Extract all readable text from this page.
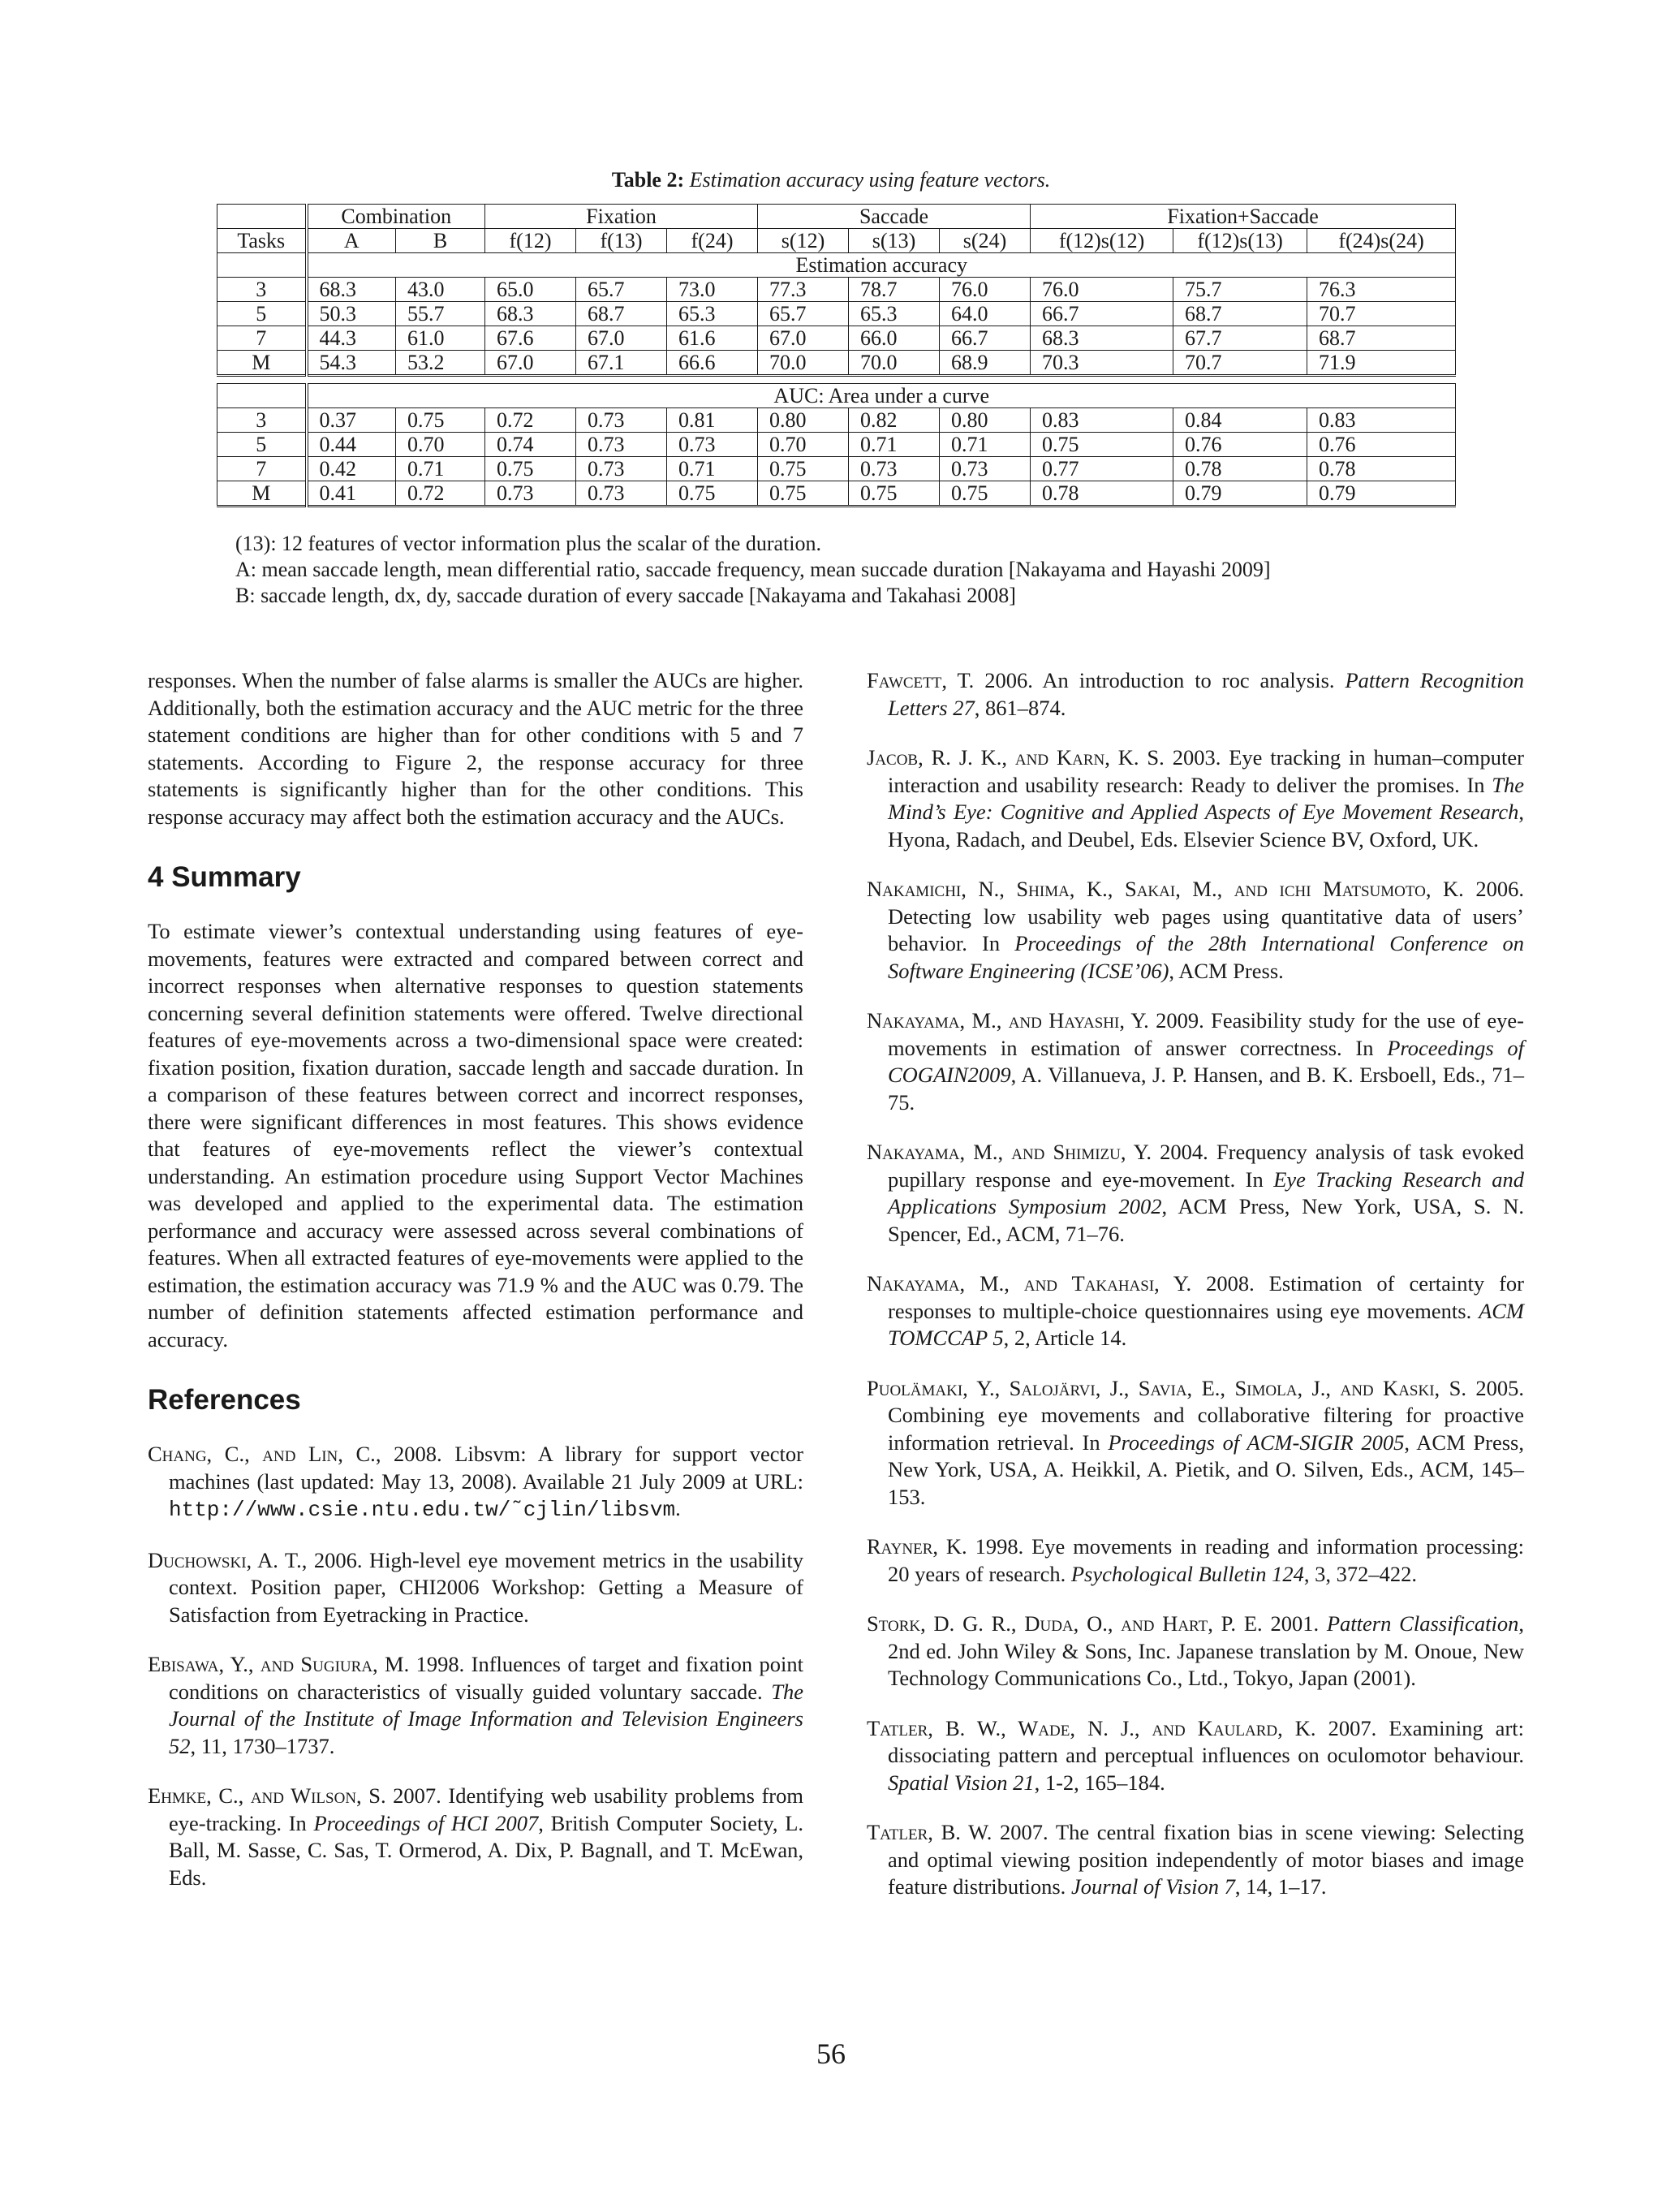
Table 2: Estimation accuracy using feature vectors.
	Combination		Fixation			Saccade			Fixation+Saccade		
Tasks	A	B	f(12)	f(13)	f(24)	s(12)	s(13)	s(24)	f(12)s(12)	f(12)s(13)	f(24)s(24)
	Estimation accuracy										
3	68.3	43.0	65.0	65.7	73.0	77.3	78.7	76.0	76.0	75.7	76.3
5	50.3	55.7	68.3	68.7	65.3	65.7	65.3	64.0	66.7	68.7	70.7
7	44.3	61.0	67.6	67.0	61.6	67.0	66.0	66.7	68.3	67.7	68.7
M	54.3	53.2	67.0	67.1	66.6	70.0	70.0	68.9	70.3	70.7	71.9

	AUC: Area under a curve										
3	0.37	0.75	0.72	0.73	0.81	0.80	0.82	0.80	0.83	0.84	0.83
5	0.44	0.70	0.74	0.73	0.73	0.70	0.71	0.71	0.75	0.76	0.76
7	0.42	0.71	0.75	0.73	0.71	0.75	0.73	0.73	0.77	0.78	0.78
M	0.41	0.72	0.73	0.73	0.75	0.75	0.75	0.75	0.78	0.79	0.79
(13): 12 features of vector information plus the scalar of the duration.
A: mean saccade length, mean differential ratio, saccade frequency, mean succade duration [Nakayama and Hayashi 2009]
B: saccade length, dx, dy, saccade duration of every saccade [Nakayama and Takahasi 2008]

responses. When the number of false alarms is smaller the AUCs are higher. Additionally, both the estimation accuracy and the AUC metric for the three statement conditions are higher than for other conditions with 5 and 7 statements. According to Figure 2, the response accuracy for three statements is significantly higher than for the other conditions. This response accuracy may affect both the estimation accuracy and the AUCs.

4 Summary

To estimate viewer’s contextual understanding using features of eye-movements, features were extracted and compared between correct and incorrect responses when alternative responses to question statements concerning several definition statements were offered. Twelve directional features of eye-movements across a two-dimensional space were created: fixation position, fixation duration, saccade length and saccade duration. In a comparison of these features between correct and incorrect responses, there were significant differences in most features. This shows evidence that features of eye-movements reflect the viewer’s contextual understanding. An estimation procedure using Support Vector Machines was developed and applied to the experimental data. The estimation performance and accuracy were assessed across several combinations of features. When all extracted features of eye-movements were applied to the estimation, the estimation accuracy was 71.9 % and the AUC was 0.79. The number of definition statements affected estimation performance and accuracy.

References

Chang, C., and Lin, C., 2008. Libsvm: A library for support vector machines (last updated: May 13, 2008). Available 21 July 2009 at URL: http://www.csie.ntu.edu.tw/˜cjlin/libsvm.

Duchowski, A. T., 2006. High-level eye movement metrics in the usability context. Position paper, CHI2006 Workshop: Getting a Measure of Satisfaction from Eyetracking in Practice.

Ebisawa, Y., and Sugiura, M. 1998. Influences of target and fixation point conditions on characteristics of visually guided voluntary saccade. The Journal of the Institute of Image Information and Television Engineers 52, 11, 1730–1737.

Ehmke, C., and Wilson, S. 2007. Identifying web usability problems from eye-tracking. In Proceedings of HCI 2007, British Computer Society, L. Ball, M. Sasse, C. Sas, T. Ormerod, A. Dix, P. Bagnall, and T. McEwan, Eds.

Fawcett, T. 2006. An introduction to roc analysis. Pattern Recognition Letters 27, 861–874.

Jacob, R. J. K., and Karn, K. S. 2003. Eye tracking in human–computer interaction and usability research: Ready to deliver the promises. In The Mind’s Eye: Cognitive and Applied Aspects of Eye Movement Research, Hyona, Radach, and Deubel, Eds. Elsevier Science BV, Oxford, UK.

Nakamichi, N., Shima, K., Sakai, M., and ichi Matsumoto, K. 2006. Detecting low usability web pages using quantitative data of users’ behavior. In Proceedings of the 28th International Conference on Software Engineering (ICSE’06), ACM Press.

Nakayama, M., and Hayashi, Y. 2009. Feasibility study for the use of eye-movements in estimation of answer correctness. In Proceedings of COGAIN2009, A. Villanueva, J. P. Hansen, and B. K. Ersboell, Eds., 71–75.

Nakayama, M., and Shimizu, Y. 2004. Frequency analysis of task evoked pupillary response and eye-movement. In Eye Tracking Research and Applications Symposium 2002, ACM Press, New York, USA, S. N. Spencer, Ed., ACM, 71–76.

Nakayama, M., and Takahasi, Y. 2008. Estimation of certainty for responses to multiple-choice questionnaires using eye movements. ACM TOMCCAP 5, 2, Article 14.

Puolämaki, Y., Salojärvi, J., Savia, E., Simola, J., and Kaski, S. 2005. Combining eye movements and collaborative filtering for proactive information retrieval. In Proceedings of ACM-SIGIR 2005, ACM Press, New York, USA, A. Heikkil, A. Pietik, and O. Silven, Eds., ACM, 145–153.

Rayner, K. 1998. Eye movements in reading and information processing: 20 years of research. Psychological Bulletin 124, 3, 372–422.

Stork, D. G. R., Duda, O., and Hart, P. E. 2001. Pattern Classification, 2nd ed. John Wiley & Sons, Inc. Japanese translation by M. Onoue, New Technology Communications Co., Ltd., Tokyo, Japan (2001).

Tatler, B. W., Wade, N. J., and Kaulard, K. 2007. Examining art: dissociating pattern and perceptual influences on oculomotor behaviour. Spatial Vision 21, 1-2, 165–184.

Tatler, B. W. 2007. The central fixation bias in scene viewing: Selecting and optimal viewing position independently of motor biases and image feature distributions. Journal of Vision 7, 14, 1–17.

56
